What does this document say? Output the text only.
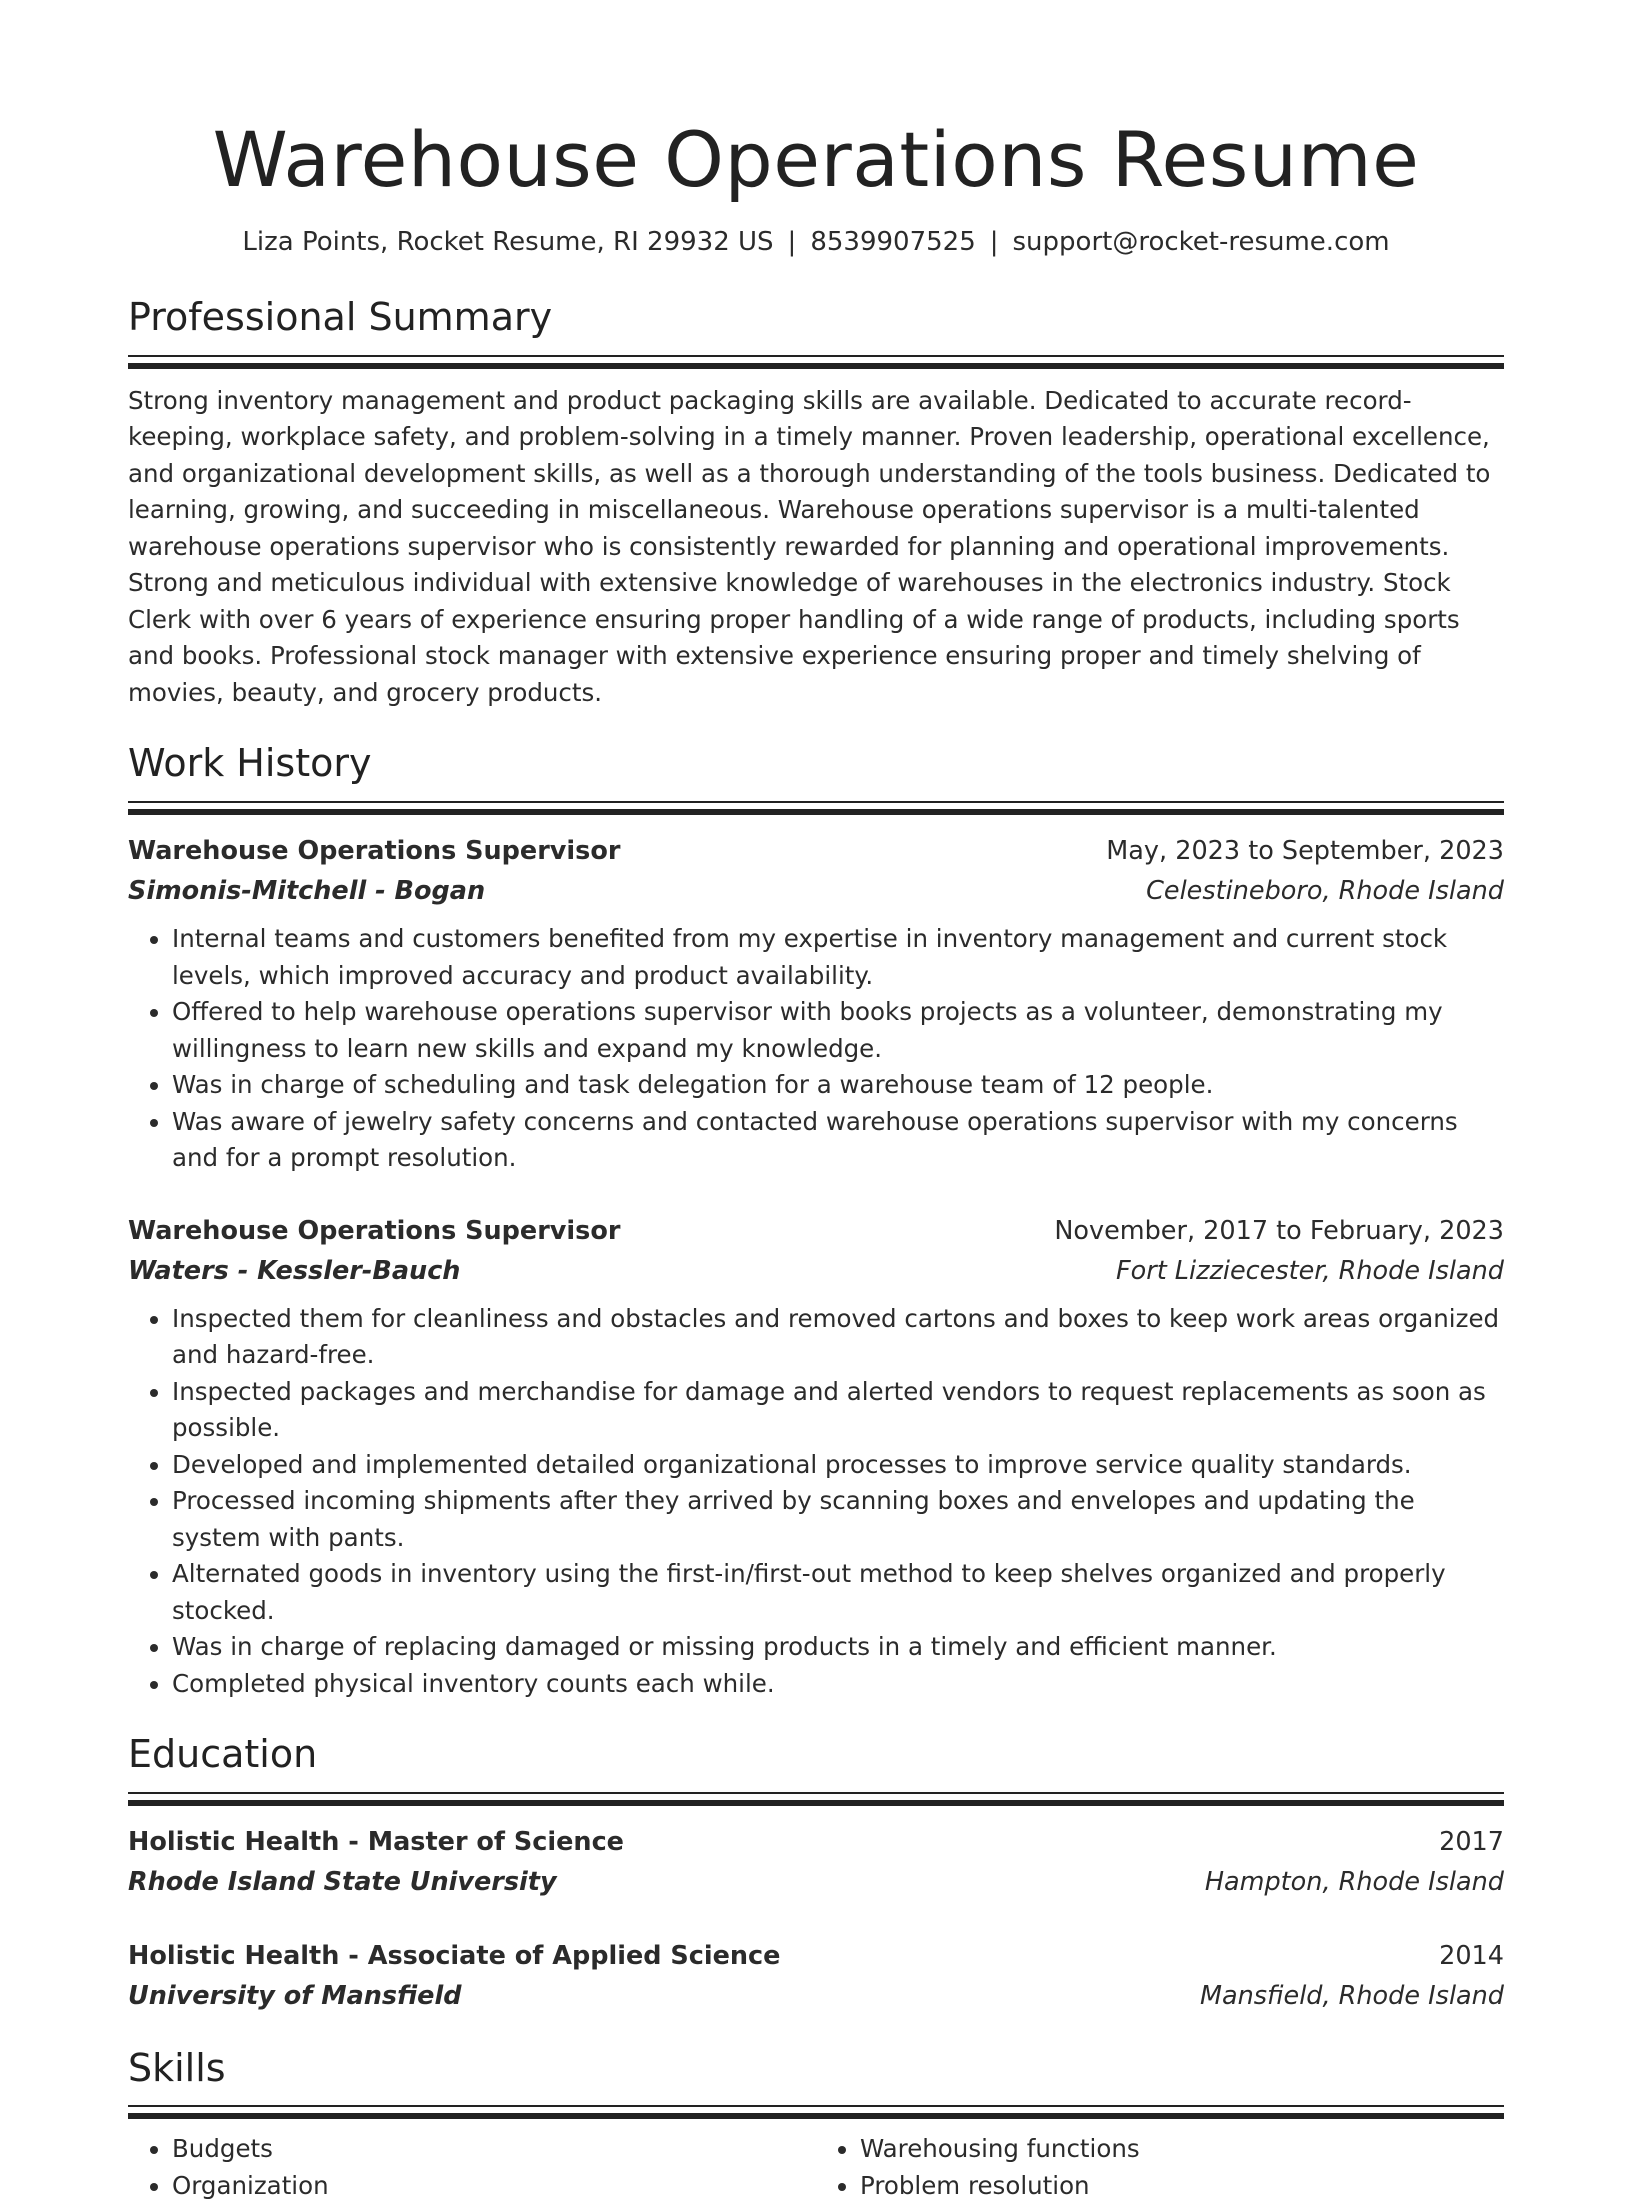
Warehouse Operations Resume
Liza Points, Rocket Resume, RI 29932 US | 8539907525 | support@rocket-resume.com
Professional Summary

Strong inventory management and product packaging skills are available. Dedicated to accurate record-keeping, workplace safety, and problem-solving in a timely manner. Proven leadership, operational excellence, and organizational development skills, as well as a thorough understanding of the tools business. Dedicated to learning, growing, and succeeding in miscellaneous. Warehouse operations supervisor is a multi-talented warehouse operations supervisor who is consistently rewarded for planning and operational improvements. Strong and meticulous individual with extensive knowledge of warehouses in the electronics industry. Stock Clerk with over 6 years of experience ensuring proper handling of a wide range of products, including sports and books. Professional stock manager with extensive experience ensuring proper and timely shelving of movies, beauty, and grocery products.

Work History
Warehouse Operations Supervisor	May, 2023 to September, 2023
Simonis-Mitchell - Bogan	Celestineboro, Rhode Island
• Internal teams and customers benefited from my expertise in inventory management and current stock levels, which improved accuracy and product availability.
• Offered to help warehouse operations supervisor with books projects as a volunteer, demonstrating my willingness to learn new skills and expand my knowledge.
• Was in charge of scheduling and task delegation for a warehouse team of 12 people.
• Was aware of jewelry safety concerns and contacted warehouse operations supervisor with my concerns and for a prompt resolution.
Warehouse Operations Supervisor	November, 2017 to February, 2023
Waters - Kessler-Bauch	Fort Lizziecester, Rhode Island
• Inspected them for cleanliness and obstacles and removed cartons and boxes to keep work areas organized and hazard-free.
• Inspected packages and merchandise for damage and alerted vendors to request replacements as soon as possible.
• Developed and implemented detailed organizational processes to improve service quality standards.
• Processed incoming shipments after they arrived by scanning boxes and envelopes and updating the system with pants.
• Alternated goods in inventory using the first-in/first-out method to keep shelves organized and properly stocked.
• Was in charge of replacing damaged or missing products in a timely and efficient manner.
• Completed physical inventory counts each while.
Education
Holistic Health - Master of Science	2017
Rhode Island State University	Hampton, Rhode Island
Holistic Health - Associate of Applied Science	2014
University of Mansfield	Mansfield, Rhode Island
Skills
• Budgets
• Organization
• Warehousing functions
• Problem resolution
